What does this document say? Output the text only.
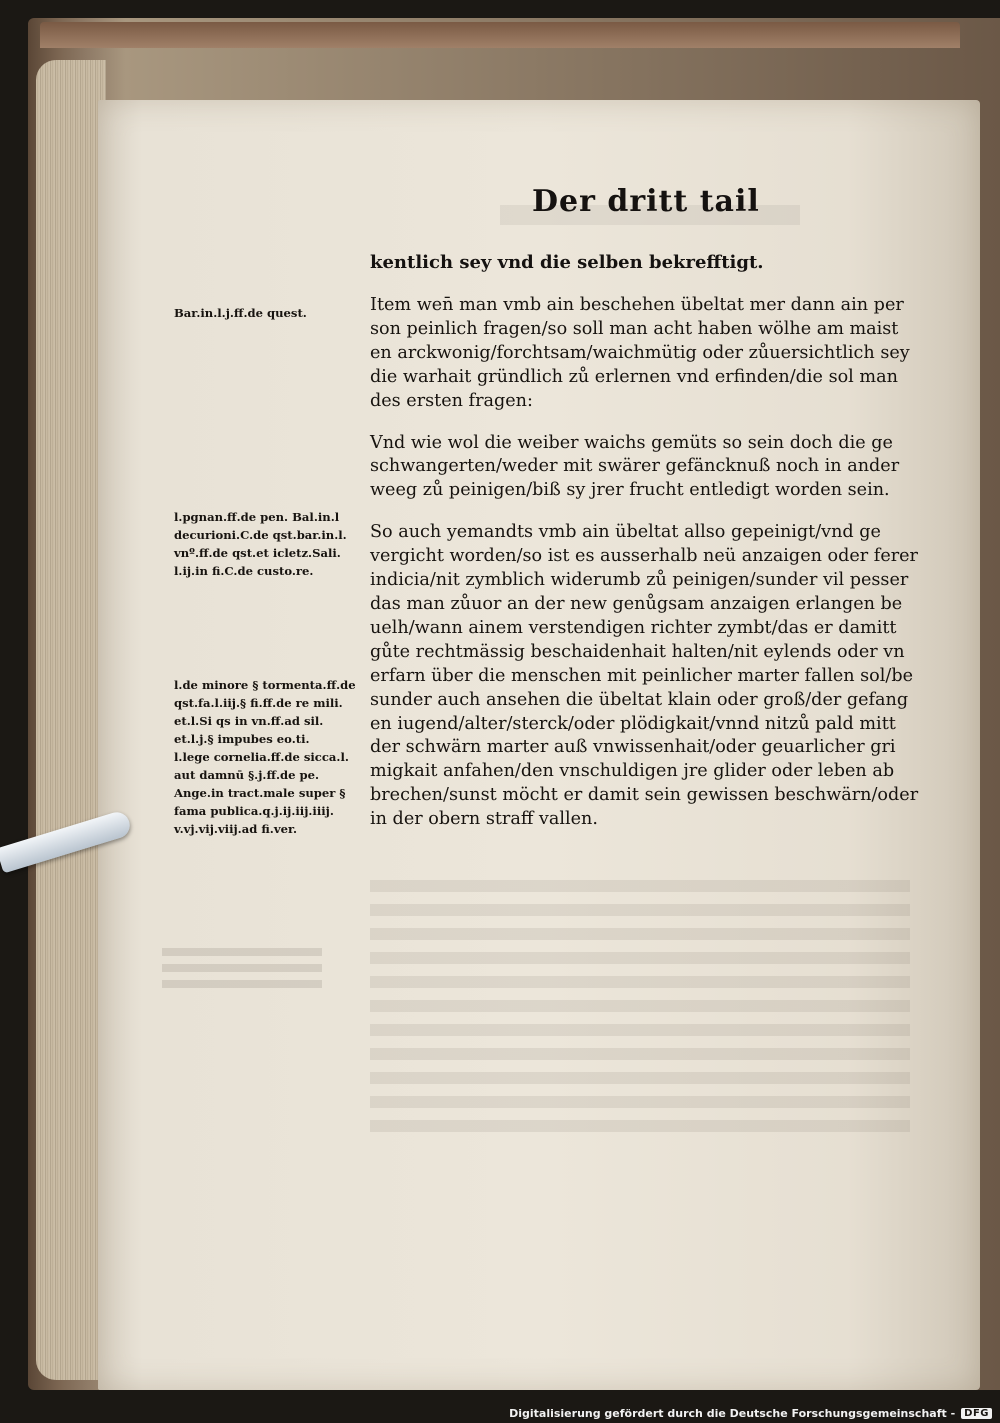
Der dritt tail
kentlich sey vnd die selben bekrefftigt.
Item wen̄ man vmb ain beschehen übeltat mer dann ain per
son peinlich fragen/so soll man acht haben wölhe am maist
en arckwonig/forchtsam/waichmütig oder zůuersichtlich sey
die warhait gründlich zů erlernen vnd erfinden/die sol man
des ersten fragen:
Vnd wie wol die weiber waichs gemüts so sein doch die ge
schwangerten/weder mit swärer gefäncknuß noch in ander
weeg zů peinigen/biß sy jrer frucht entledigt worden sein.
So auch yemandts vmb ain übeltat allso gepeinigt/vnd ge
vergicht worden/so ist es ausserhalb neü anzaigen oder ferer
indicia/nit zymblich widerumb zů peinigen/sunder vil pesser
das man zůuor an der new genůgsam anzaigen erlangen be
uelh/wann ainem verstendigen richter zymbt/das er damitt
gůte rechtmässig beschaidenhait halten/nit eylends oder vn
erfarn über die menschen mit peinlicher marter fallen sol/be
sunder auch ansehen die übeltat klain oder groß/der gefang
en iugend/alter/sterck/oder plödigkait/vnnd nitzů pald mitt
der schwärn marter auß vnwissenhait/oder geuarlicher gri
migkait anfahen/den vnschuldigen jre glider oder leben ab
brechen/sunst möcht er damit sein gewissen beschwärn/oder
in der obern straff vallen.
Bar.in.l.j.ff.de quest.
l.pgnan.ff.de pen. Bal.in.l
decurioni.C.de qst.bar.in.l.
vnº.ff.de qst.et icletz.Sali.
l.ij.in fi.C.de custo.re.
l.de minore § tormenta.ff.de
qst.fa.l.iij.§ fi.ff.de re mili.
et.l.Si qs in vn.ff.ad sil.
et.l.j.§ impubes eo.ti.
l.lege cornelia.ff.de sicca.l.
aut damnū §.j.ff.de pe.
Ange.in tract.male super §
fama publica.q.j.ij.iij.iiij.
v.vj.vij.viij.ad fi.ver.
Digitalisierung gefördert durch die Deutsche Forschungsgemeinschaft - DFG
